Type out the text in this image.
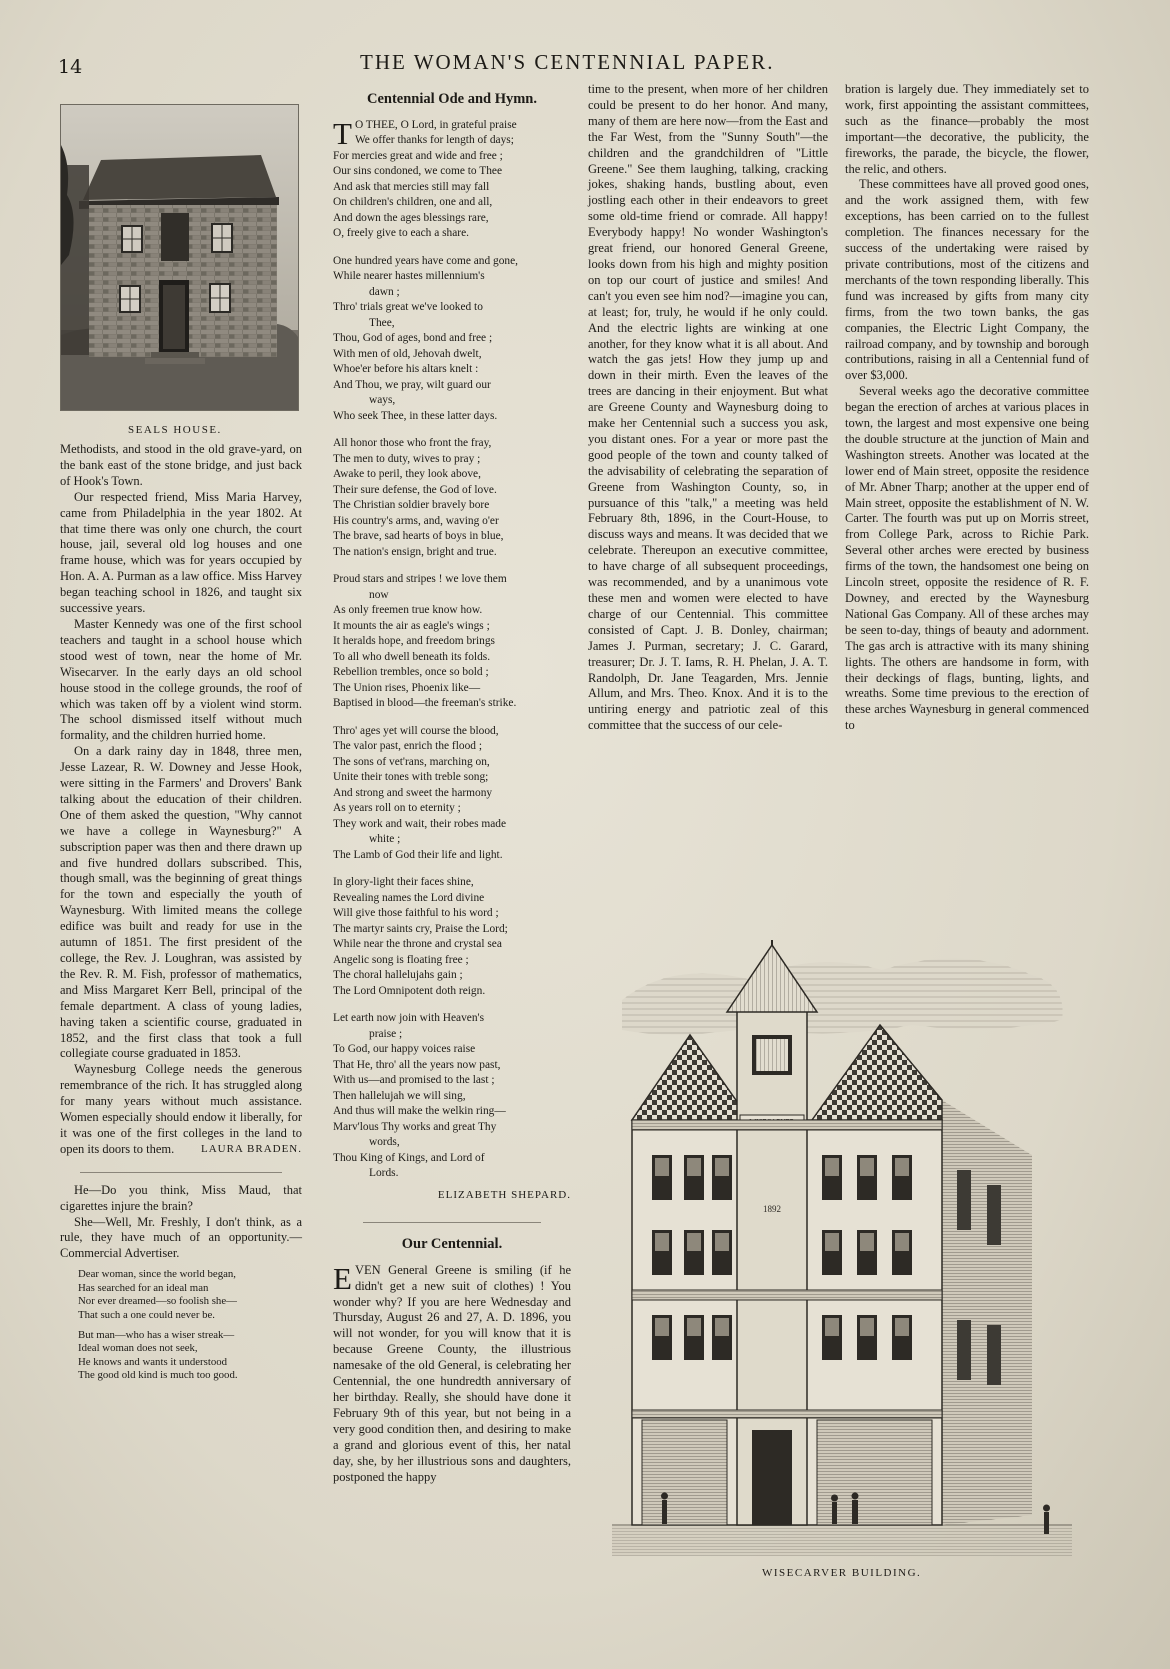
14	THE WOMAN'S CENTENNIAL PAPER.
SEALS HOUSE.

Methodists, and stood in the old grave-yard, on the bank east of the stone bridge, and just back of Hook's Town.

Our respected friend, Miss Maria Harvey, came from Philadelphia in the year 1802. At that time there was only one church, the court house, jail, several old log houses and one frame house, which was for years occupied by Hon. A. A. Purman as a law office. Miss Harvey began teaching school in 1826, and taught six successive years.

Master Kennedy was one of the first school teachers and taught in a school house which stood west of town, near the home of Mr. Wisecarver. In the early days an old school house stood in the college grounds, the roof of which was taken off by a violent wind storm. The school dismissed itself without much formality, and the children hurried home.

On a dark rainy day in 1848, three men, Jesse Lazear, R. W. Downey and Jesse Hook, were sitting in the Farmers' and Drovers' Bank talking about the education of their children. One of them asked the question, "Why cannot we have a college in Waynesburg?" A subscription paper was then and there drawn up and five hundred dollars subscribed. This, though small, was the beginning of great things for the town and especially the youth of Waynesburg. With limited means the college edifice was built and ready for use in the autumn of 1851. The first president of the college, the Rev. J. Loughran, was assisted by the Rev. R. M. Fish, professor of mathematics, and Miss Margaret Kerr Bell, principal of the female department. A class of young ladies, having taken a scientific course, graduated in 1852, and the first class that took a full collegiate course graduated in 1853.

Waynesburg College needs the generous remembrance of the rich. It has struggled along for many years without much assistance. Women especially should endow it liberally, for it was one of the first colleges in the land to open its doors to them.	LAURA BRADEN.

He—Do you think, Miss Maud, that cigarettes injure the brain?

She—Well, Mr. Freshly, I don't think, as a rule, they have much of an opportunity.—Commercial Advertiser.

Dear woman, since the world began,
Has searched for an ideal man
Nor ever dreamed—so foolish she—
That such a one could never be.
But man—who has a wiser streak—
Ideal woman does not seek,
He knows and wants it understood
The good old kind is much too good.
Centennial Ode and Hymn.
T O THEE, O Lord, in grateful praise
We offer thanks for length of days;
For mercies great and wide and free ;
Our sins condoned, we come to Thee
And ask that mercies still may fall
On children's children, one and all,
And down the ages blessings rare,
O, freely give to each a share.
One hundred years have come and gone,
While nearer hastes millennium's
dawn ;
Thro' trials great we've looked to
Thee,
Thou, God of ages, bond and free ;
With men of old, Jehovah dwelt,
Whoe'er before his altars knelt :
And Thou, we pray, wilt guard our
ways,
Who seek Thee, in these latter days.
All honor those who front the fray,
The men to duty, wives to pray ;
Awake to peril, they look above,
Their sure defense, the God of love.
The Christian soldier bravely bore
His country's arms, and, waving o'er
The brave, sad hearts of boys in blue,
The nation's ensign, bright and true.
Proud stars and stripes ! we love them
now
As only freemen true know how.
It mounts the air as eagle's wings ;
It heralds hope, and freedom brings
To all who dwell beneath its folds.
Rebellion trembles, once so bold ;
The Union rises, Phoenix like—
Baptised in blood—the freeman's strike.
Thro' ages yet will course the blood,
The valor past, enrich the flood ;
The sons of vet'rans, marching on,
Unite their tones with treble song;
And strong and sweet the harmony
As years roll on to eternity ;
They work and wait, their robes made
white ;
The Lamb of God their life and light.
In glory-light their faces shine,
Revealing names the Lord divine
Will give those faithful to his word ;
The martyr saints cry, Praise the Lord;
While near the throne and crystal sea
Angelic song is floating free ;
The choral hallelujahs gain ;
The Lord Omnipotent doth reign.
Let earth now join with Heaven's
praise ;
To God, our happy voices raise
That He, thro' all the years now past,
With us—and promised to the last ;
Then hallelujah we will sing,
And thus will make the welkin ring—
Marv'lous Thy works and great Thy
words,
Thou King of Kings, and Lord of
Lords.
ELIZABETH SHEPARD.
Our Centennial.

EVEN General Greene is smiling (if he didn't get a new suit of clothes) ! You wonder why? If you are here Wednesday and Thursday, August 26 and 27, A. D. 1896, you will not wonder, for you will know that it is because Greene County, the illustrious namesake of the old General, is celebrating her Centennial, the one hundredth anniversary of her birthday. Really, she should have done it February 9th of this year, but not being in a very good condition then, and desiring to make a grand and glorious event of this, her natal day, she, by her illustrious sons and daughters, postponed the happy

time to the present, when more of her children could be present to do her honor. And many, many of them are here now—from the East and the Far West, from the "Sunny South"—the children and the grandchildren of "Little Greene." See them laughing, talking, cracking jokes, shaking hands, bustling about, even jostling each other in their endeavors to greet some old-time friend or comrade. All happy! Everybody happy! No wonder Washington's great friend, our honored General Greene, looks down from his high and mighty position on top our court of justice and smiles! And can't you even see him nod?—imagine you can, at least; for, truly, he would if he only could. And the electric lights are winking at one another, for they know what it is all about. And watch the gas jets! How they jump up and down in their mirth. Even the leaves of the trees are dancing in their enjoyment. But what are Greene County and Waynesburg doing to make her Centennial such a success you ask, you distant ones. For a year or more past the good people of the town and county talked of the advisability of celebrating the separation of Greene from Washington County, so, in pursuance of this "talk," a meeting was held February 8th, 1896, in the Court-House, to discuss ways and means. It was decided that we celebrate. Thereupon an executive committee, to have charge of all subsequent proceedings, was recommended, and by a unanimous vote these men and women were elected to have charge of our Centennial. This committee consisted of Capt. J. B. Donley, chairman; James J. Purman, secretary; J. C. Garard, treasurer; Dr. J. T. Iams, R. H. Phelan, J. A. T. Randolph, Dr. Jane Teagarden, Mrs. Jennie Allum, and Mrs. Theo. Knox. And it is to the untiring energy and patriotic zeal of this committee that the success of our cele-

bration is largely due. They immediately set to work, first appointing the assistant committees, such as the finance—probably the most important—the decorative, the publicity, the fireworks, the parade, the bicycle, the flower, the relic, and others.

These committees have all proved good ones, and the work assigned them, with few exceptions, has been carried on to the fullest completion. The finances necessary for the success of the undertaking were raised by private contributions, most of the citizens and merchants of the town responding liberally. This fund was increased by gifts from many city firms, from the two town banks, the gas companies, the Electric Light Company, the railroad company, and by township and borough contributions, raising in all a Centennial fund of over $3,000.

Several weeks ago the decorative committee began the erection of arches at various places in town, the largest and most expensive one being the double structure at the junction of Main and Washington streets. Another was located at the lower end of Main street, opposite the residence of Mr. Abner Tharp; another at the upper end of Main street, opposite the establishment of N. W. Carter. The fourth was put up on Morris street, from College Park, across to Richie Park. Several other arches were erected by business firms of the town, the handsomest one being on Lincoln street, opposite the residence of R. F. Downey, and erected by the Waynesburg National Gas Company. All of these arches may be seen to-day, things of beauty and adornment. The gas arch is attractive with its many shining lights. The others are handsome in form, with their deckings of flags, bunting, lights, and wreaths. Some time previous to the erection of these arches Waynesburg in general commenced to

1892
WISECARVER BUILDING.
